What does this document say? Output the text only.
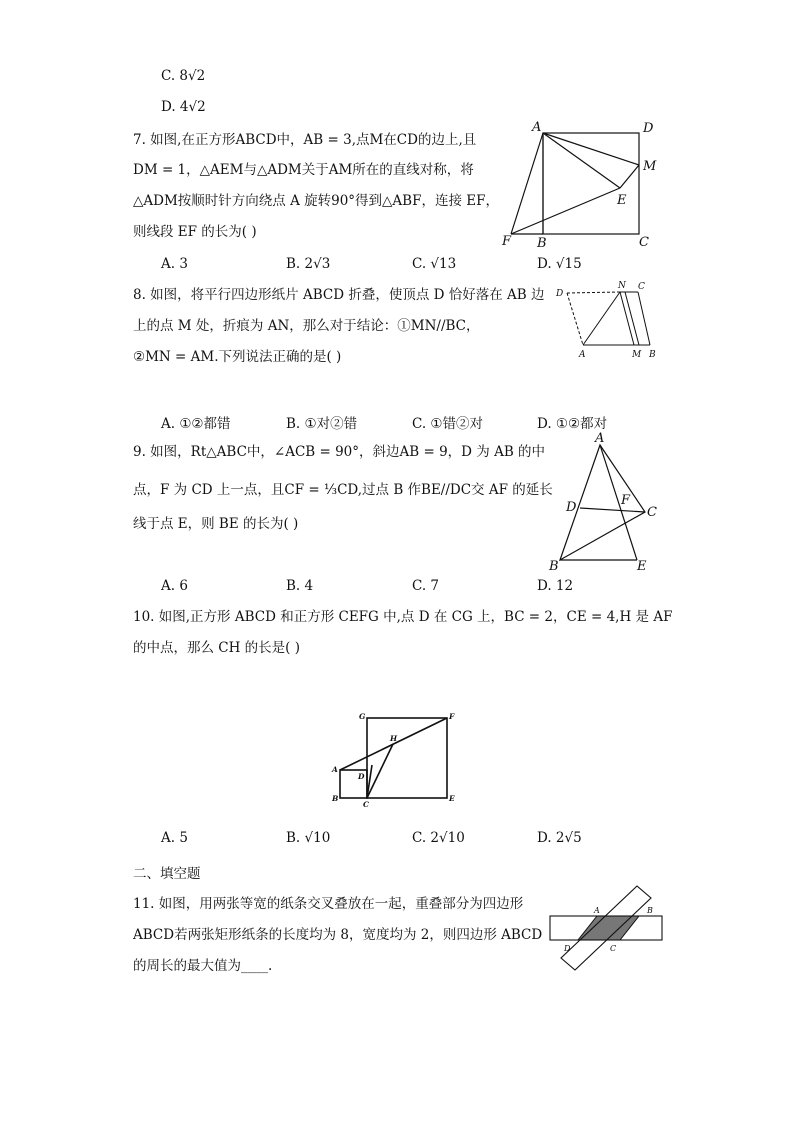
C. 8√2
D. 4√2
7. 如图,在正方形ABCD中，AB = 3,点M在CD的边上,且
DM = 1，△AEM与△ADM关于AM所在的直线对称，将
△ADM按顺时针方向绕点 A 旋转90°得到△ABF，连接 EF，
则线段 EF 的长为( )
A. 3	B. 2√3	C. √13	D. √15
A	D
M
E
F B	C
8. 如图，将平行四边形纸片 ABCD 折叠，使顶点 D 恰好落在 AB 边
上的点 M 处，折痕为 AN，那么对于结论：①MN//BC，
②MN = AM.下列说法正确的是( )
A. ①②都错	B. ①对②错	C. ①错②对	D. ①②都对
D
N C
A	M B
9. 如图，Rt△ABC中，∠ACB = 90°，斜边AB = 9，D 为 AB 的中
点，F 为 CD 上一点，且CF = ⅓CD,过点 B 作BE//DC交 AF 的延长
线于点 E，则 BE 的长为( )
A. 6	B. 4	C. 7	D. 12
A
D	F
C
B	E
10. 如图,正方形 ABCD 和正方形 CEFG 中,点 D 在 CG 上，BC = 2，CE = 4,H 是 AF
的中点，那么 CH 的长是( )
A. 5	B. √10	C. 2√10	D. 2√5
G	F
H
A
D
B
C
E
二、填空题
11. 如图，用两张等宽的纸条交叉叠放在一起，重叠部分为四边形
ABCD若两张矩形纸条的长度均为 8，宽度均为 2，则四边形 ABCD
的周长的最大值为____.
A	B
C
D
